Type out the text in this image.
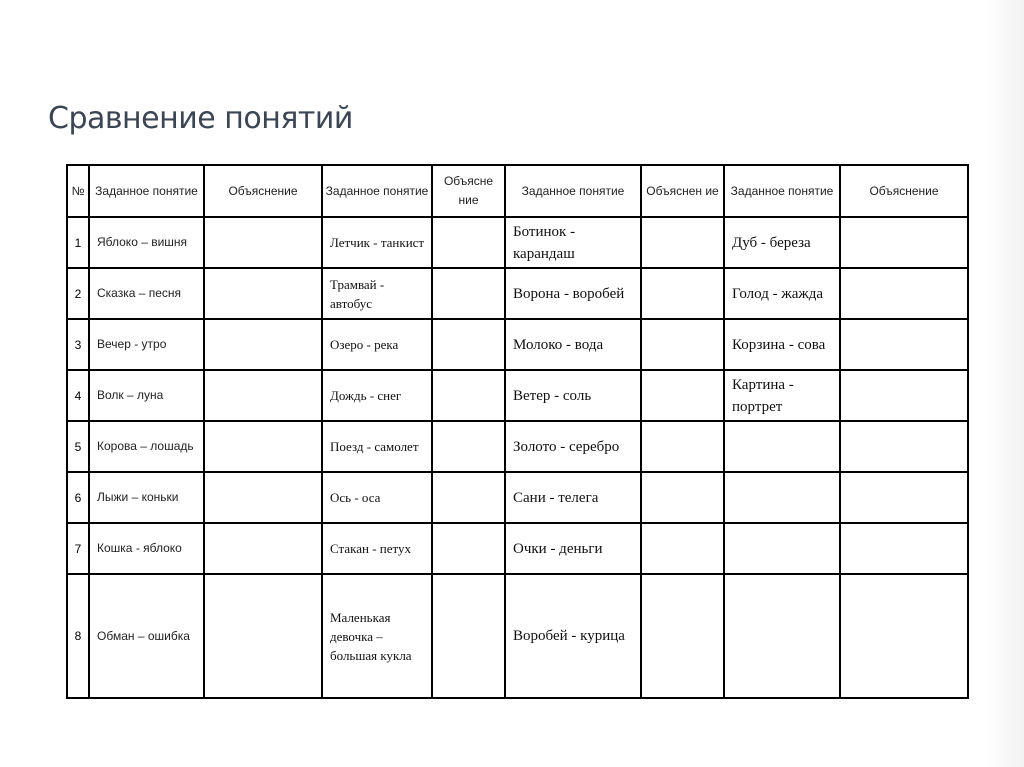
Сравнение понятий
№	Заданное понятие	Объяснение	Заданное понятие	Объясне ние	Заданное понятие	Объяснен ие	Заданное понятие	Объяснение
1	Яблоко – вишня		Летчик - танкист		Ботинок - карандаш		Дуб - береза	
2	Сказка – песня		Трамвай - автобус		Ворона - воробей		Голод - жажда	
3	Вечер - утро		Озеро - река		Молоко - вода		Корзина - сова	
4	Волк – луна		Дождь - снег		Ветер - соль		Картина - портрет	
5	Корова – лошадь		Поезд - самолет		Золото - серебро			
6	Лыжи – коньки		Ось - оса		Сани - телега			
7	Кошка - яблоко		Стакан - петух		Очки - деньги			
8	Обман – ошибка		Маленькая девочка – большая кукла		Воробей - курица			
